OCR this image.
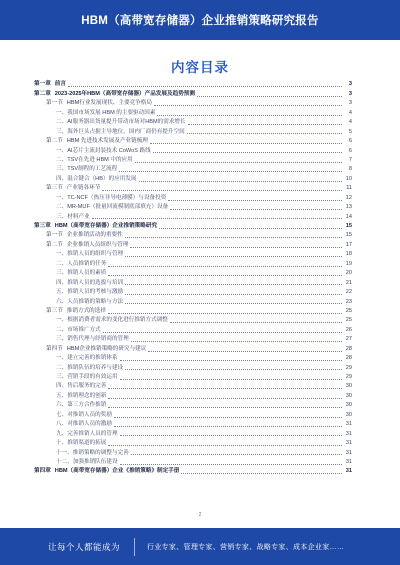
HBM（高带宽存储器）企业推销策略研究报告
内容目录
第一章 前言	3
第二章 2023-2025年HBM（高带宽存储器）产品发展及趋势预测	3
第一节 HBM行业发展现状、主要竞争格局	3
一、我国市场发展 HBM 的主要驱动因素	4
二、AI服务器出货量提升带动市场对HBM的需求增长	4
三、海外巨头占据主导地位，国内厂商仍有提升空间	5
第二节 HBM 先进技术发展及产业链梳理	6
一、AI芯片主流封装技术 CoWoS 路线	6
二、TSV在先进 HBM 中的应用	7
三、TSV制程的工艺流程	8
四、混合键合（HB）的应用发展	10
第三节 产业链各环节	11
一、TC-NCF（热压非导电薄膜）与设备投资	12
二、MR-MUF（批量回流模制底部填充）设备	13
三、材料产业	14
第三章 HBM（高带宽存储器）企业推销策略研究	15
第一节 企业推销活动的重要性	15
第二节 企业推销人员组织与管理	17
一、推销人员的组织与管理	18
二、人员推销的任务	19
三、推销人员的素质	20
四、推销人员的选拔与培训	21
五、推销人员的考核与激励	22
六、人员推销的策略与方法	23
第三节 推销方式的选择	25
一、根据消费者需求的变化进行推销方式调整	25
二、市场推广方式	26
三、销售代理与经销商的管理	27
第四节 HBM企业推销策略的研究与建议	28
一、建立完善的推销体系	28
二、推销队伍的培养与建设	29
三、营销手段的有效运用	29
四、售后服务的完善	30
五、推销理念的创新	30
六、第三方合作推销	30
七、对推销人员的奖励	30
八、对推销人员的激励	31
九、完善推销人员的管理	31
十、推销渠道的拓展	31
十一、推销策略的调整与完善	31
十二、加强推销队伍建设	31
第四章 HBM（高带宽存储器）企业《推销策略》制定手册	31
2
让每个人都能成为	行业专家、管理专家、营销专家、战略专家、成本企业家……
